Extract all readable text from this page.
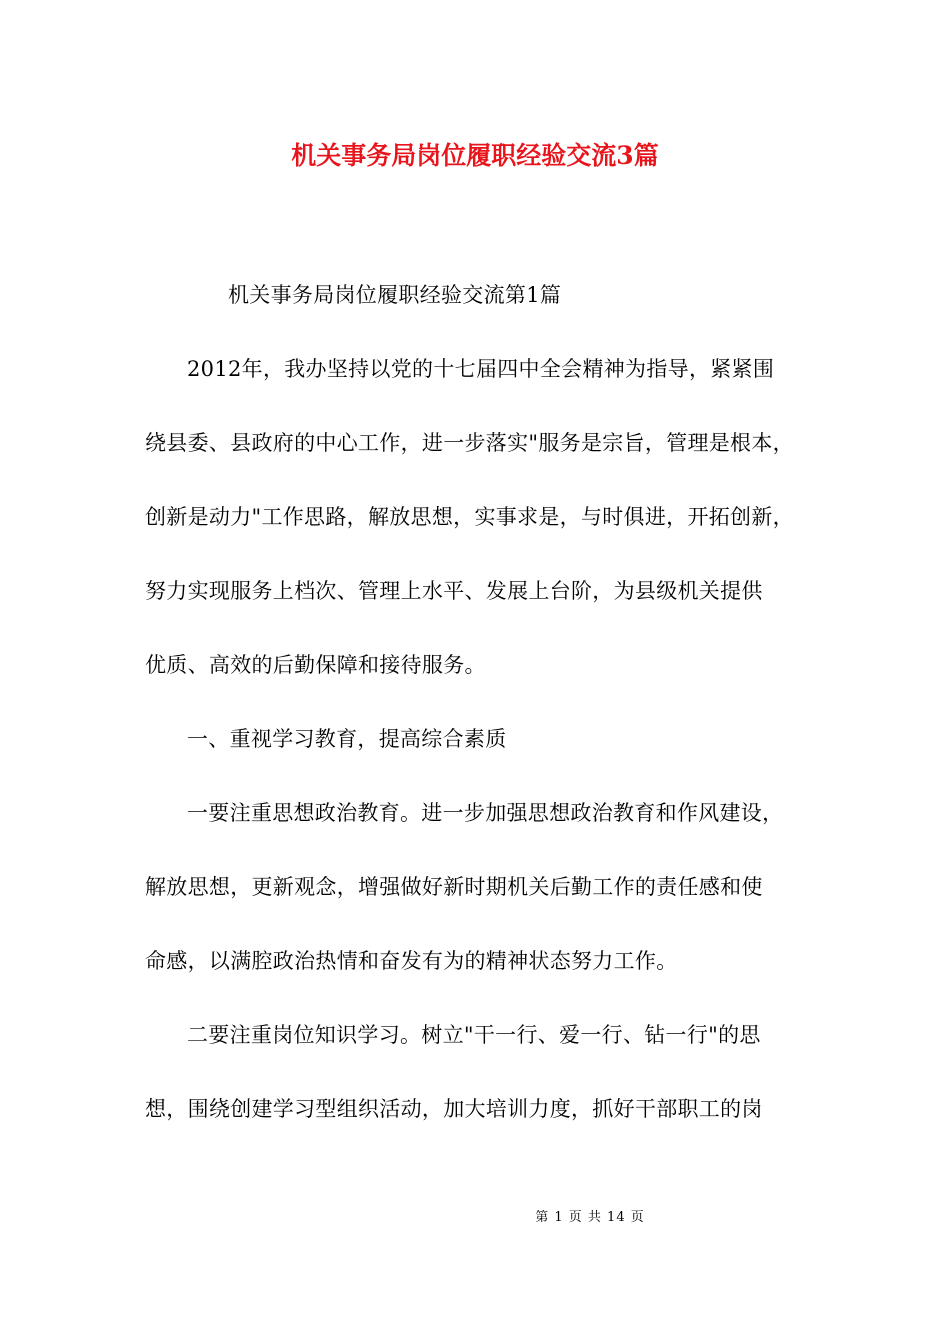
机关事务局岗位履职经验交流3篇
机关事务局岗位履职经验交流第1篇
2012年，我办坚持以党的十七届四中全会精神为指导，紧紧围
绕县委、县政府的中心工作，进一步落实"服务是宗旨，管理是根本，
创新是动力"工作思路，解放思想，实事求是，与时俱进，开拓创新，
努力实现服务上档次、管理上水平、发展上台阶，为县级机关提供
优质、高效的后勤保障和接待服务。
一、重视学习教育，提高综合素质
一要注重思想政治教育。进一步加强思想政治教育和作风建设，
解放思想，更新观念，增强做好新时期机关后勤工作的责任感和使
命感，以满腔政治热情和奋发有为的精神状态努力工作。
二要注重岗位知识学习。树立"干一行、爱一行、钻一行"的思
想，围绕创建学习型组织活动，加大培训力度，抓好干部职工的岗
第 1 页 共 14 页
